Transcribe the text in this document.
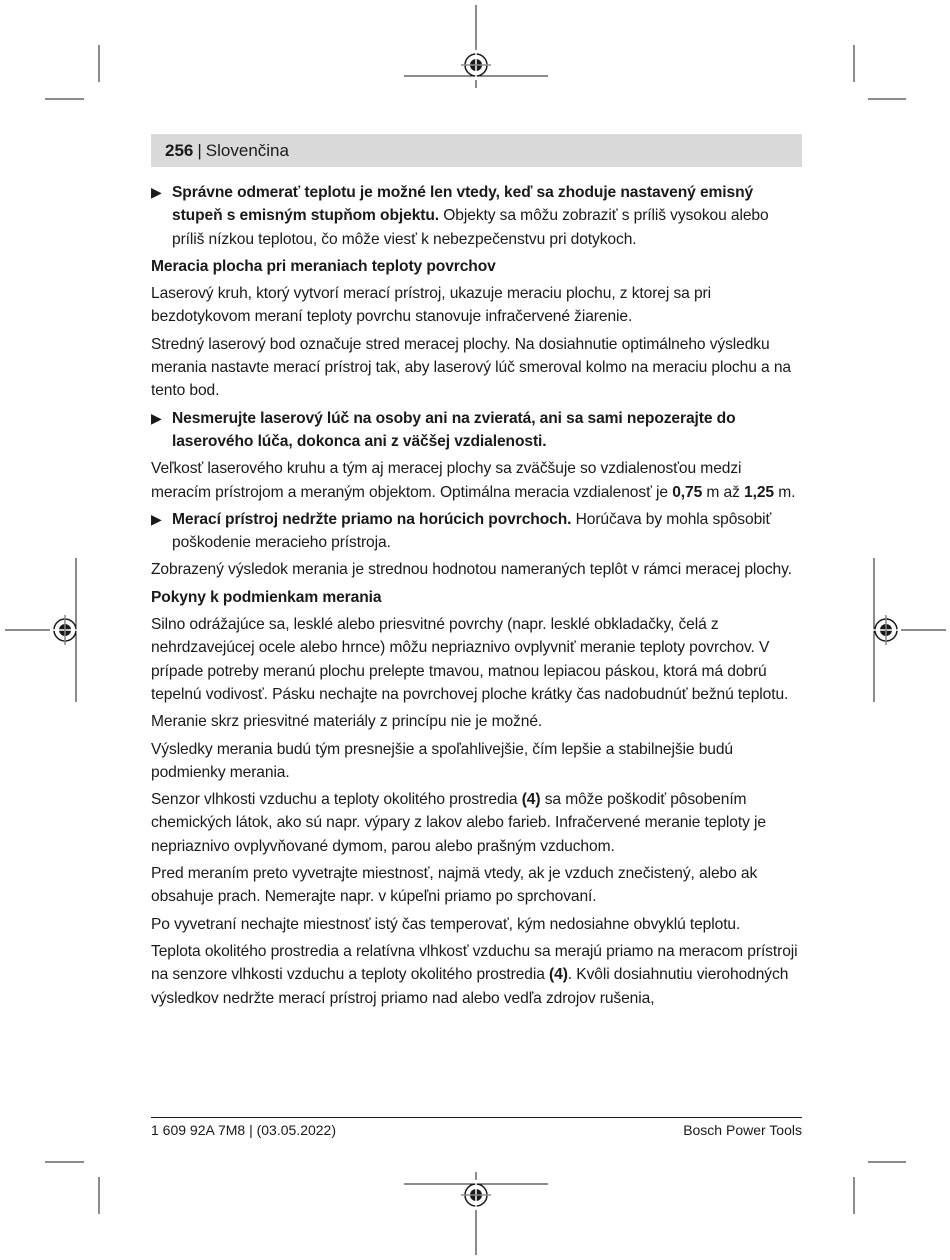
256 | Slovenčina

▶ Správne odmerať teplotu je možné len vtedy, keď sa zhoduje nastavený emisný stupeň s emisným stupňom objektu. Objekty sa môžu zobraziť s príliš vysokou alebo príliš nízkou teplotou, čo môže viesť k nebezpečenstvu pri dotykoch.

Meracia plocha pri meraniach teploty povrchov

Laserový kruh, ktorý vytvorí merací prístroj, ukazuje meraciu plochu, z ktorej sa pri bezdotykovom meraní teploty povrchu stanovuje infračervené žiarenie.

Stredný laserový bod označuje stred meracej plochy. Na dosiahnutie optimálneho výsledku merania nastavte merací prístroj tak, aby laserový lúč smeroval kolmo na meraciu plochu a na tento bod.

▶ Nesmerujte laserový lúč na osoby ani na zvieratá, ani sa sami nepozerajte do laserového lúča, dokonca ani z väčšej vzdialenosti.

Veľkosť laserového kruhu a tým aj meracej plochy sa zväčšuje so vzdialenosťou medzi meracím prístrojom a meraným objektom. Optimálna meracia vzdialenosť je 0,75 m až 1,25 m.

▶ Merací prístroj nedržte priamo na horúcich povrchoch. Horúčava by mohla spôsobiť poškodenie meracieho prístroja.

Zobrazený výsledok merania je strednou hodnotou nameraných teplôt v rámci meracej plochy.

Pokyny k podmienkam merania

Silno odrážajúce sa, lesklé alebo priesvitné povrchy (napr. lesklé obkladačky, čelá z nehrdzavejúcej ocele alebo hrnce) môžu nepriaznivo ovplyvniť meranie teploty povrchov. V prípade potreby meranú plochu prelepte tmavou, matnou lepiacou páskou, ktorá má dobrú tepelnú vodivosť. Pásku nechajte na povrchovej ploche krátky čas nadobudnúť bežnú teplotu.

Meranie skrz priesvitné materiály z princípu nie je možné.

Výsledky merania budú tým presnejšie a spoľahlivejšie, čím lepšie a stabilnejšie budú podmienky merania.

Senzor vlhkosti vzduchu a teploty okolitého prostredia (4) sa môže poškodiť pôsobením chemických látok, ako sú napr. výpary z lakov alebo farieb. Infračervené meranie teploty je nepriaznivo ovplyvňované dymom, parou alebo prašným vzduchom.

Pred meraním preto vyvetrajte miestnosť, najmä vtedy, ak je vzduch znečistený, alebo ak obsahuje prach. Nemerajte napr. v kúpeľni priamo po sprchovaní.

Po vyvetraní nechajte miestnosť istý čas temperovať, kým nedosiahne obvyklú teplotu.

Teplota okolitého prostredia a relatívna vlhkosť vzduchu sa merajú priamo na meracom prístroji na senzore vlhkosti vzduchu a teploty okolitého prostredia (4). Kvôli dosiahnutiu vierohodných výsledkov nedržte merací prístroj priamo nad alebo vedľa zdrojov rušenia,

1 609 92A 7M8 | (03.05.2022)	Bosch Power Tools
